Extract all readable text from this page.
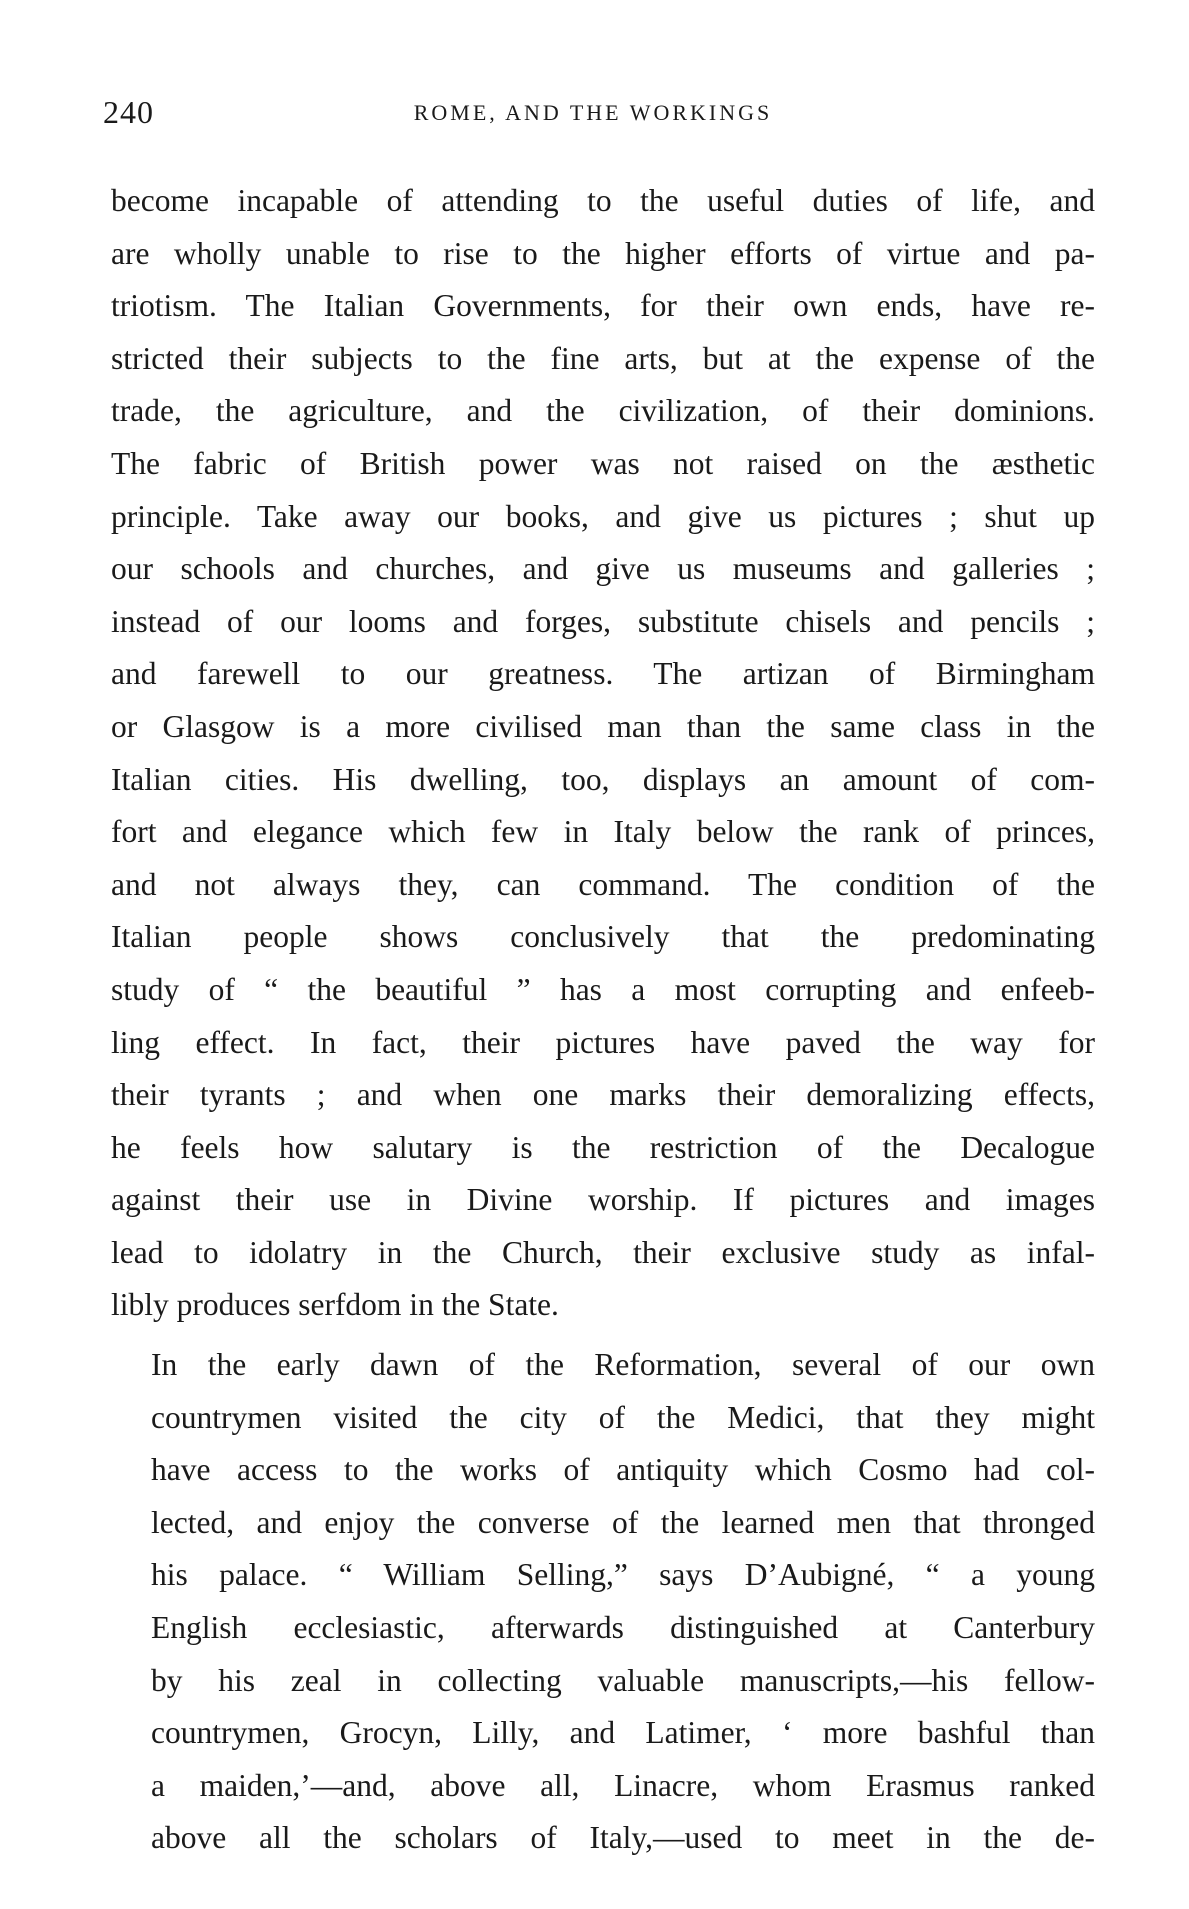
240	ROME, AND THE WORKINGS
become incapable of attending to the useful duties of life, and
are wholly unable to rise to the higher efforts of virtue and pa-
triotism. The Italian Governments, for their own ends, have re-
stricted their subjects to the fine arts, but at the expense of the
trade, the agriculture, and the civilization, of their dominions.
The fabric of British power was not raised on the æsthetic
principle. Take away our books, and give us pictures ; shut up
our schools and churches, and give us museums and galleries ;
instead of our looms and forges, substitute chisels and pencils ;
and farewell to our greatness. The artizan of Birmingham
or Glasgow is a more civilised man than the same class in the
Italian cities. His dwelling, too, displays an amount of com-
fort and elegance which few in Italy below the rank of princes,
and not always they, can command. The condition of the
Italian people shows conclusively that the predominating
study of “ the beautiful ” has a most corrupting and enfeeb-
ling effect. In fact, their pictures have paved the way for
their tyrants ; and when one marks their demoralizing effects,
he feels how salutary is the restriction of the Decalogue
against their use in Divine worship. If pictures and images
lead to idolatry in the Church, their exclusive study as infal-
libly produces serfdom in the State.
In the early dawn of the Reformation, several of our own
countrymen visited the city of the Medici, that they might
have access to the works of antiquity which Cosmo had col-
lected, and enjoy the converse of the learned men that thronged
his palace. “ William Selling,” says D’Aubigné, “ a young
English ecclesiastic, afterwards distinguished at Canterbury
by his zeal in collecting valuable manuscripts,—his fellow-
countrymen, Grocyn, Lilly, and Latimer, ‘ more bashful than
a maiden,’—and, above all, Linacre, whom Erasmus ranked
above all the scholars of Italy,—used to meet in the de-
